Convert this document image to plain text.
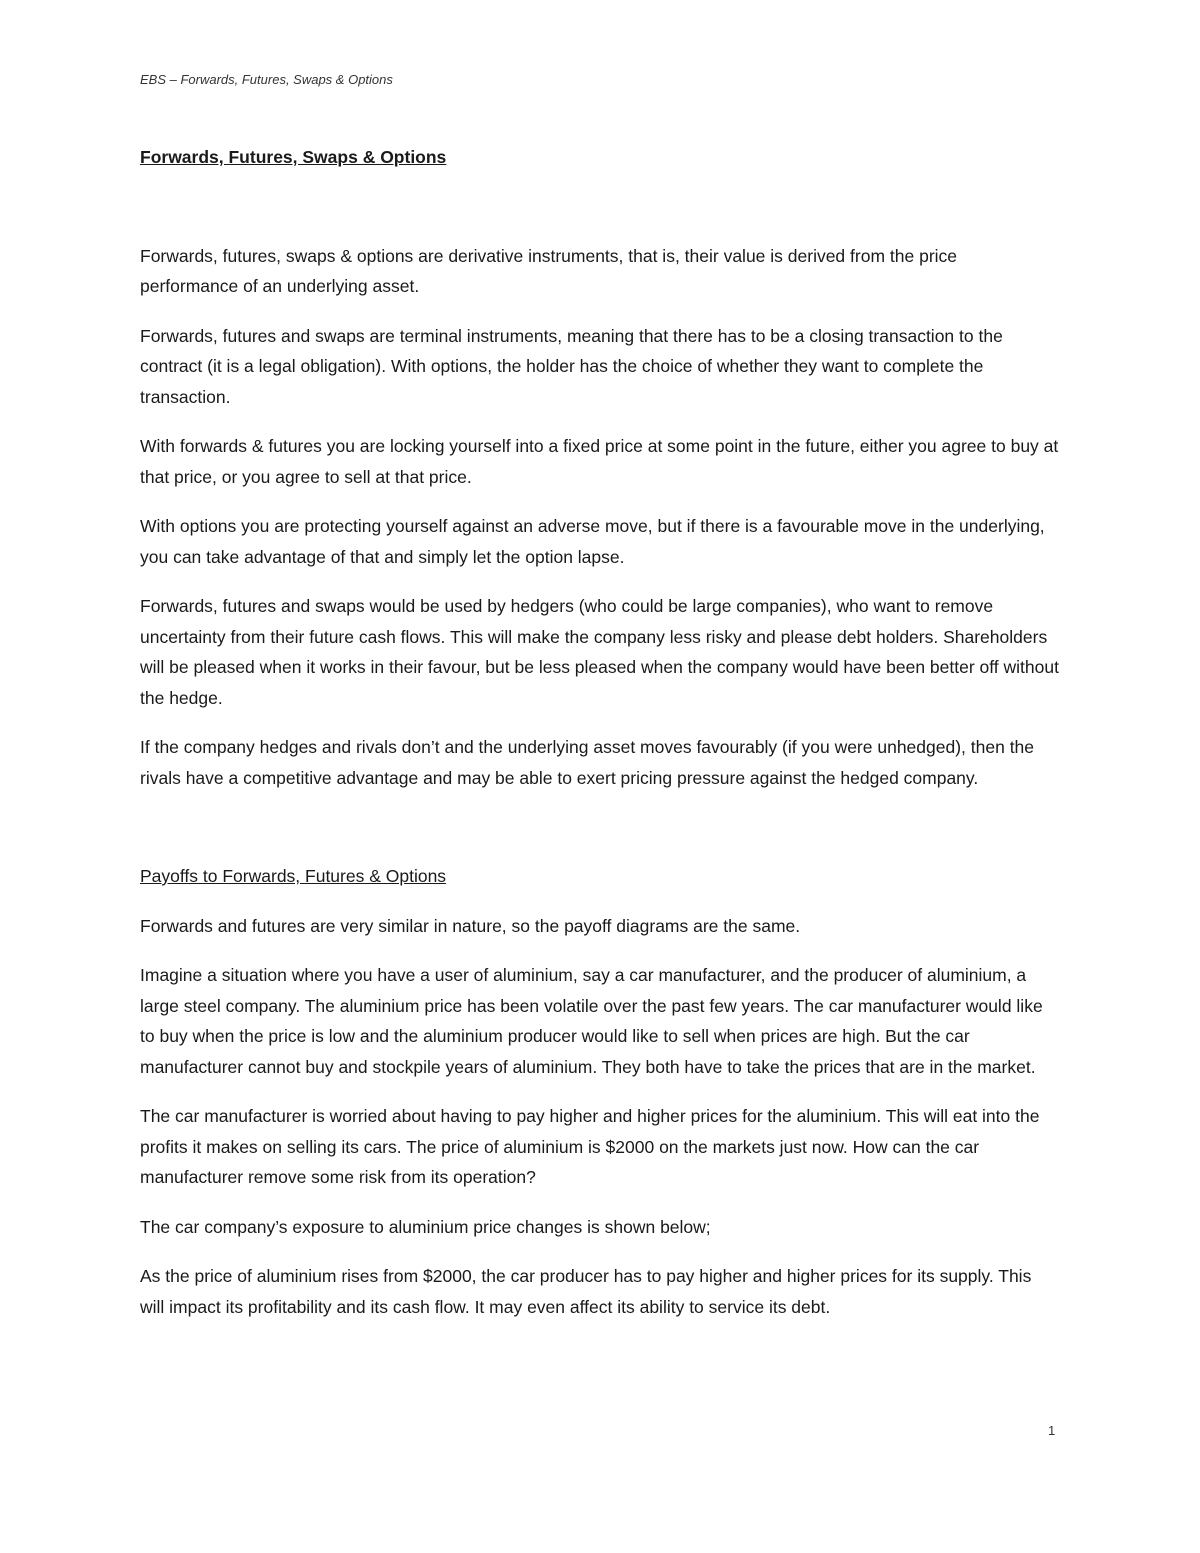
EBS – Forwards, Futures, Swaps & Options
Forwards, Futures, Swaps & Options

Forwards, futures, swaps & options are derivative instruments, that is, their value is derived from the price performance of an underlying asset.

Forwards, futures and swaps are terminal instruments, meaning that there has to be a closing transaction to the contract (it is a legal obligation). With options, the holder has the choice of whether they want to complete the transaction.

With forwards & futures you are locking yourself into a fixed price at some point in the future, either you agree to buy at that price, or you agree to sell at that price.

With options you are protecting yourself against an adverse move, but if there is a favourable move in the underlying, you can take advantage of that and simply let the option lapse.

Forwards, futures and swaps would be used by hedgers (who could be large companies), who want to remove uncertainty from their future cash flows. This will make the company less risky and please debt holders. Shareholders will be pleased when it works in their favour, but be less pleased when the company would have been better off without the hedge.

If the company hedges and rivals don’t and the underlying asset moves favourably (if you were unhedged), then the rivals have a competitive advantage and may be able to exert pricing pressure against the hedged company.

Payoffs to Forwards, Futures & Options

Forwards and futures are very similar in nature, so the payoff diagrams are the same.

Imagine a situation where you have a user of aluminium, say a car manufacturer, and the producer of aluminium, a large steel company. The aluminium price has been volatile over the past few years. The car manufacturer would like to buy when the price is low and the aluminium producer would like to sell when prices are high. But the car manufacturer cannot buy and stockpile years of aluminium. They both have to take the prices that are in the market.

The car manufacturer is worried about having to pay higher and higher prices for the aluminium. This will eat into the profits it makes on selling its cars. The price of aluminium is $2000 on the markets just now. How can the car manufacturer remove some risk from its operation?

The car company’s exposure to aluminium price changes is shown below;

As the price of aluminium rises from $2000, the car producer has to pay higher and higher prices for its supply. This will impact its profitability and its cash flow. It may even affect its ability to service its debt.

1
